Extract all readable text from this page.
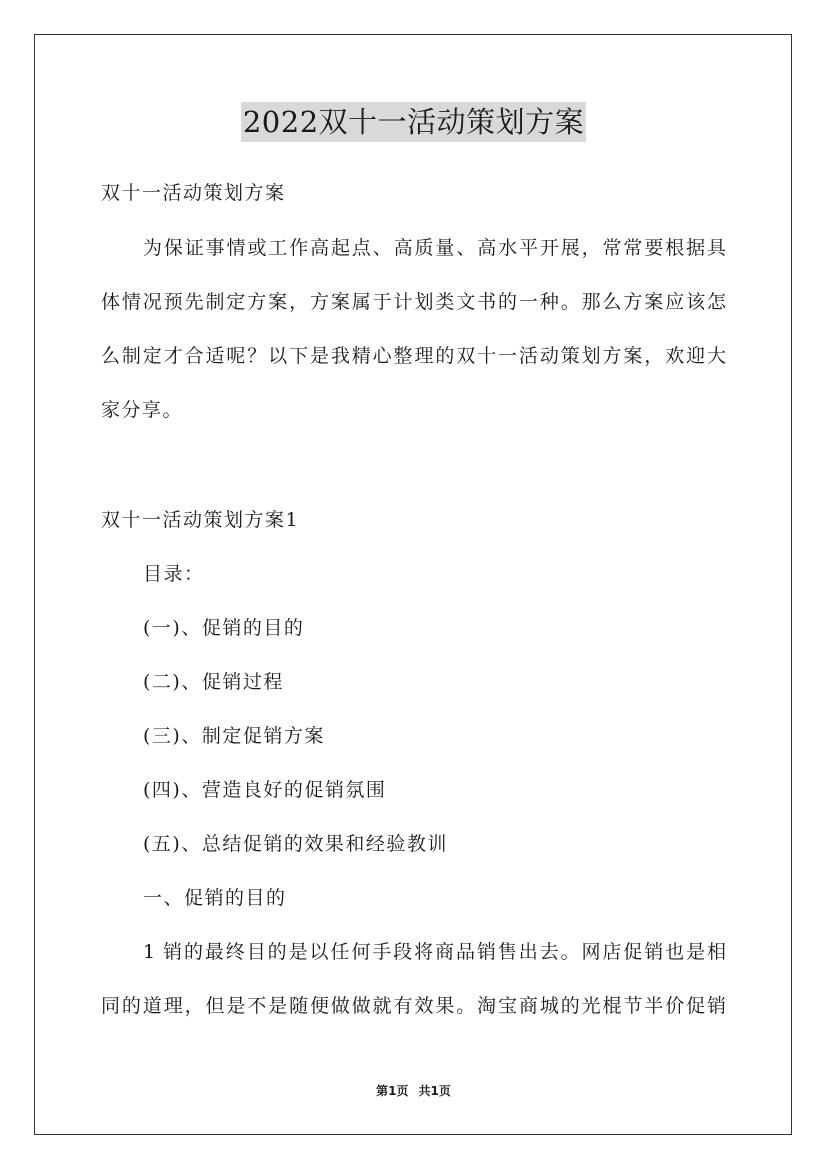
2022双十一活动策划方案
双十一活动策划方案
为保证事情或工作高起点、高质量、高水平开展，常常要根据具
体情况预先制定方案，方案属于计划类文书的一种。那么方案应该怎
么制定才合适呢？以下是我精心整理的双十一活动策划方案，欢迎大
家分享。
双十一活动策划方案1
目录：
(一)、促销的目的
(二)、促销过程
(三)、制定促销方案
(四)、营造良好的促销氛围
(五)、总结促销的效果和经验教训
一、促销的目的
1 销的最终目的是以任何手段将商品销售出去。网店促销也是相
同的道理，但是不是随便做做就有效果。淘宝商城的光棍节半价促销
第1页 共1页
